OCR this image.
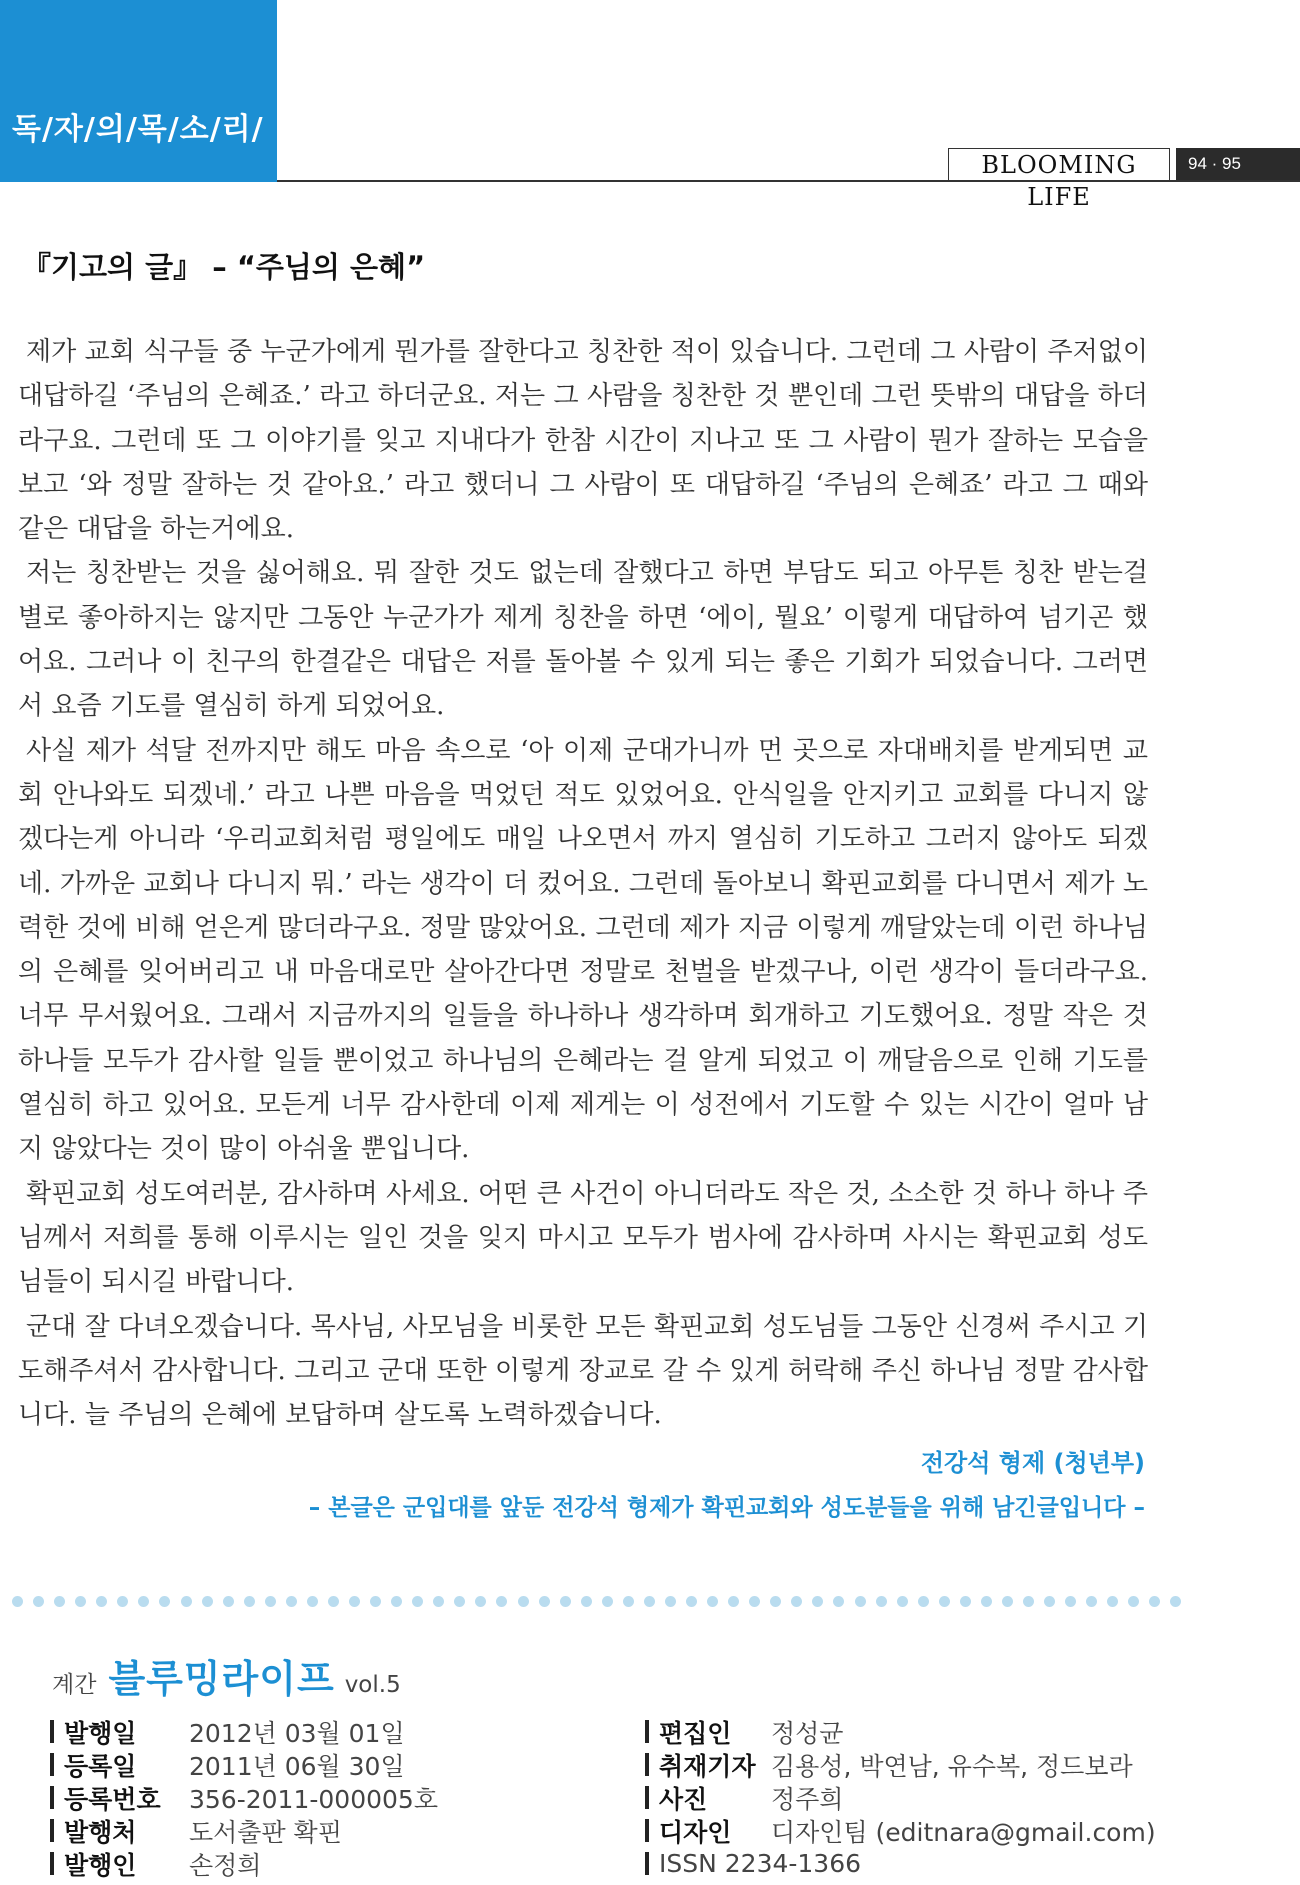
독/자/의/목/소/리/
BLOOMING LIFE
94 · 95
『기고의 글』 – “주님의 은혜”

제가 교회 식구들 중 누군가에게 뭔가를 잘한다고 칭찬한 적이 있습니다. 그런데 그 사람이 주저없이 대답하길 ‘주님의 은혜죠.’ 라고 하더군요. 저는 그 사람을 칭찬한 것 뿐인데 그런 뜻밖의 대답을 하더라구요. 그런데 또 그 이야기를 잊고 지내다가 한참 시간이 지나고 또 그 사람이 뭔가 잘하는 모습을 보고 ‘와 정말 잘하는 것 같아요.’ 라고 했더니 그 사람이 또 대답하길 ‘주님의 은혜죠’ 라고 그 때와 같은 대답을 하는거에요.

저는 칭찬받는 것을 싫어해요. 뭐 잘한 것도 없는데 잘했다고 하면 부담도 되고 아무튼 칭찬 받는걸 별로 좋아하지는 않지만 그동안 누군가가 제게 칭찬을 하면 ‘에이, 뭘요’ 이렇게 대답하여 넘기곤 했어요. 그러나 이 친구의 한결같은 대답은 저를 돌아볼 수 있게 되는 좋은 기회가 되었습니다. 그러면서 요즘 기도를 열심히 하게 되었어요.

사실 제가 석달 전까지만 해도 마음 속으로 ‘아 이제 군대가니까 먼 곳으로 자대배치를 받게되면 교회 안나와도 되겠네.’ 라고 나쁜 마음을 먹었던 적도 있었어요. 안식일을 안지키고 교회를 다니지 않겠다는게 아니라 ‘우리교회처럼 평일에도 매일 나오면서 까지 열심히 기도하고 그러지 않아도 되겠네. 가까운 교회나 다니지 뭐.’ 라는 생각이 더 컸어요. 그런데 돌아보니 확핀교회를 다니면서 제가 노력한 것에 비해 얻은게 많더라구요. 정말 많았어요. 그런데 제가 지금 이렇게 깨달았는데 이런 하나님의 은혜를 잊어버리고 내 마음대로만 살아간다면 정말로 천벌을 받겠구나, 이런 생각이 들더라구요. 너무 무서웠어요. 그래서 지금까지의 일들을 하나하나 생각하며 회개하고 기도했어요. 정말 작은 것 하나들 모두가 감사할 일들 뿐이었고 하나님의 은혜라는 걸 알게 되었고 이 깨달음으로 인해 기도를 열심히 하고 있어요. 모든게 너무 감사한데 이제 제게는 이 성전에서 기도할 수 있는 시간이 얼마 남지 않았다는 것이 많이 아쉬울 뿐입니다.

확핀교회 성도여러분, 감사하며 사세요. 어떤 큰 사건이 아니더라도 작은 것, 소소한 것 하나 하나 주님께서 저희를 통해 이루시는 일인 것을 잊지 마시고 모두가 범사에 감사하며 사시는 확핀교회 성도님들이 되시길 바랍니다.

군대 잘 다녀오겠습니다. 목사님, 사모님을 비롯한 모든 확핀교회 성도님들 그동안 신경써 주시고 기도해주셔서 감사합니다. 그리고 군대 또한 이렇게 장교로 갈 수 있게 허락해 주신 하나님 정말 감사합니다. 늘 주님의 은혜에 보답하며 살도록 노력하겠습니다.

전강석 형제 (청년부)
– 본글은 군입대를 앞둔 전강석 형제가 확핀교회와 성도분들을 위해 남긴글입니다 –
계간 블루밍라이프 vol.5
발행일	2012년 03월 01일
등록일	2011년 06월 30일
등록번호	356-2011-000005호
발행처	도서출판 확핀
발행인	손정희
편집인	정성균
취재기자 김용성, 박연남, 유수복, 정드보라
사진	정주희
디자인	디자인팀 (editnara@gmail.com)
ISSN 2234-1366
